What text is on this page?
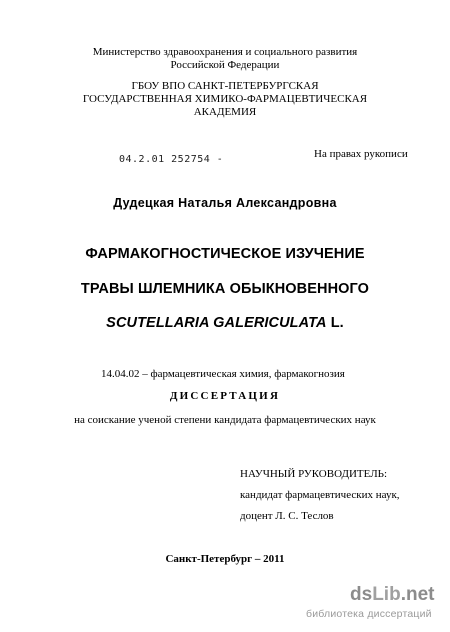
Министерство здравоохранения и социального развития
Российской Федерации
ГБОУ ВПО САНКТ-ПЕТЕРБУРГСКАЯ
ГОСУДАРСТВЕННАЯ ХИМИКО-ФАРМАЦЕВТИЧЕСКАЯ
АКАДЕМИЯ
04.2.01 252754 -	На правах рукописи
Дудецкая Наталья Александровна
ФАРМАКОГНОСТИЧЕСКОЕ ИЗУЧЕНИЕ
ТРАВЫ ШЛЕМНИКА ОБЫКНОВЕННОГО
SCUTELLARIA GALERICULATA L.
14.04.02 – фармацевтическая химия, фармакогнозия
ДИССЕРТАЦИЯ
на соискание ученой степени кандидата фармацевтических наук
НАУЧНЫЙ РУКОВОДИТЕЛЬ:
кандидат фармацевтических наук,
доцент Л. С. Теслов
Санкт-Петербург – 2011
dsLib.net
библиотека диссертаций
